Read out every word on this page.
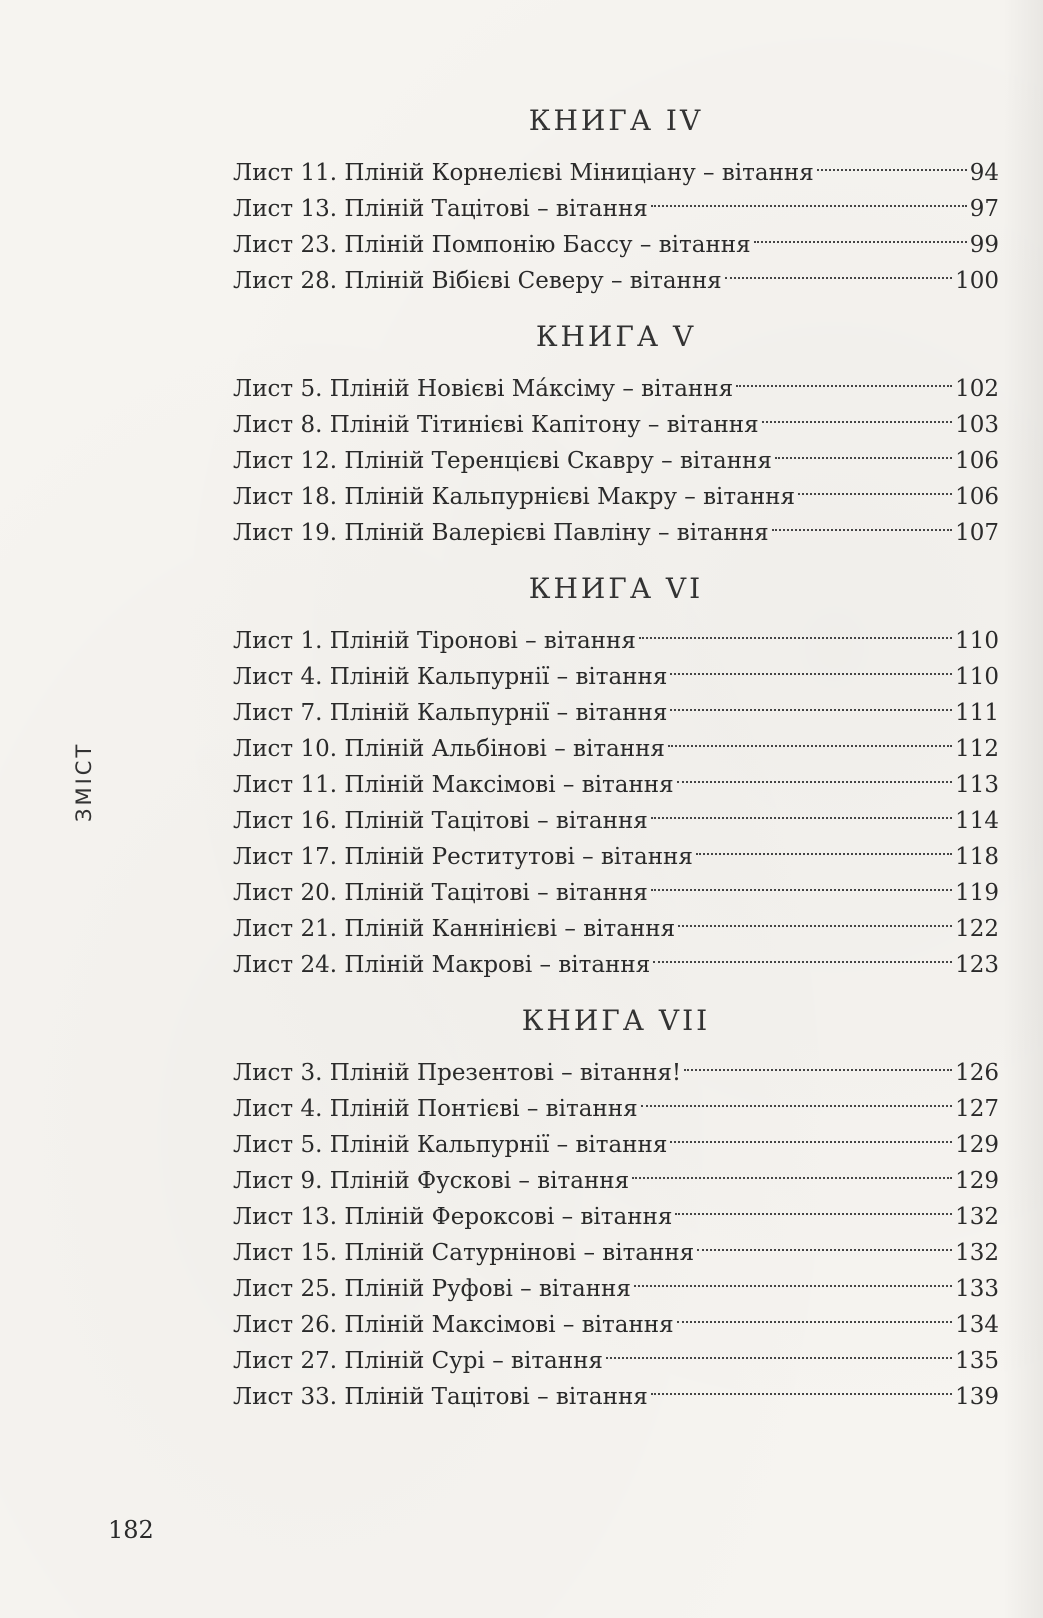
ЗМІСТ
КНИГА IV
Лист 11. Пліній Корнелієві Міниціану – вітання	94
Лист 13. Пліній Тацітові – вітання	97
Лист 23. Пліній Помпонію Бассу – вітання	99
Лист 28. Пліній Вібієві Северу – вітання	100
КНИГА V
Лист 5. Пліній Новієві Ма́ксіму – вітання	102
Лист 8. Пліній Тітинієві Капітону – вітання	103
Лист 12. Пліній Теренцієві Скавру – вітання	106
Лист 18. Пліній Кальпурнієві Макру – вітання	106
Лист 19. Пліній Валерієві Павліну – вітання	107
КНИГА VI
Лист 1. Пліній Тіронові – вітання	110
Лист 4. Пліній Кальпурнії – вітання	110
Лист 7. Пліній Кальпурнії – вітання	111
Лист 10. Пліній Альбінові – вітання	112
Лист 11. Пліній Максімові – вітання	113
Лист 16. Пліній Тацітові – вітання	114
Лист 17. Пліній Реститутові – вітання	118
Лист 20. Пліній Тацітові – вітання	119
Лист 21. Пліній Каннінієві – вітання	122
Лист 24. Пліній Макрові – вітання	123
КНИГА VII
Лист 3. Пліній Презентові – вітання!	126
Лист 4. Пліній Понтієві – вітання	127
Лист 5. Пліній Кальпурнії – вітання	129
Лист 9. Пліній Фускові – вітання	129
Лист 13. Пліній Фероксові – вітання	132
Лист 15. Пліній Сатурнінові – вітання	132
Лист 25. Пліній Руфові – вітання	133
Лист 26. Пліній Максімові – вітання	134
Лист 27. Пліній Сурі – вітання	135
Лист 33. Пліній Тацітові – вітання	139
182
